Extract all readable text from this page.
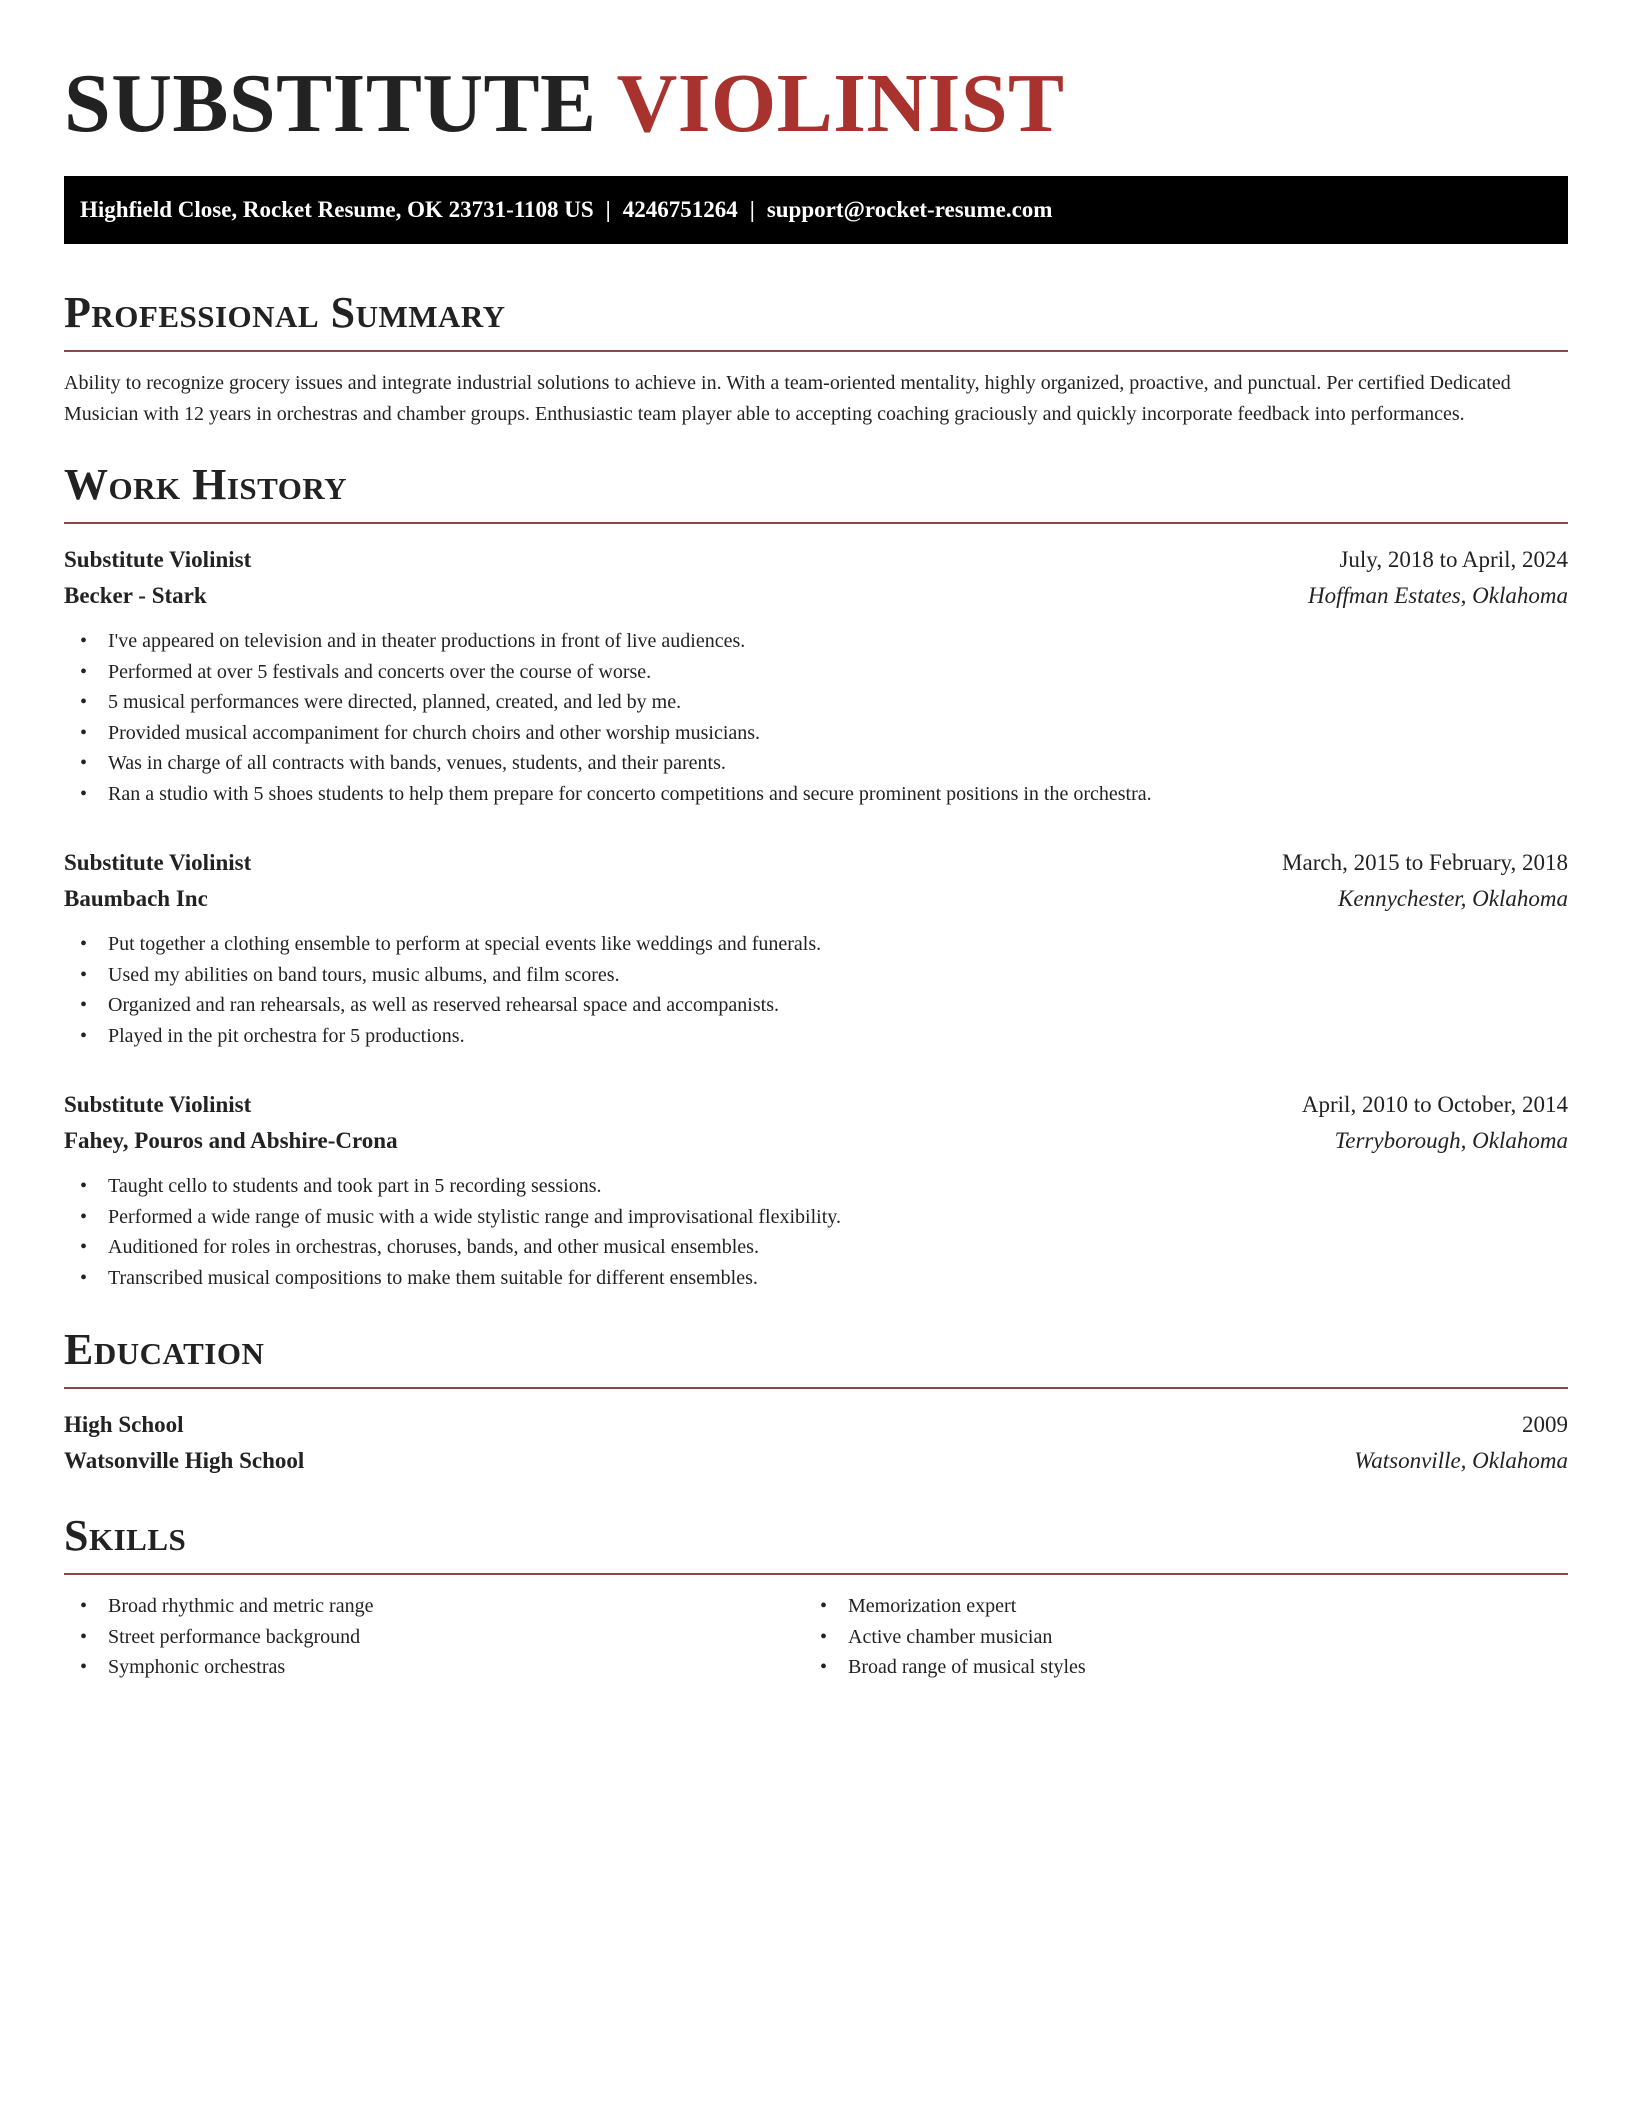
SUBSTITUTE VIOLINIST
Highfield Close, Rocket Resume, OK 23731-1108 US | 4246751264 | support@rocket-resume.com
Professional Summary

Ability to recognize grocery issues and integrate industrial solutions to achieve in. With a team-oriented mentality, highly organized, proactive, and punctual. Per certified Dedicated Musician with 12 years in orchestras and chamber groups. Enthusiastic team player able to accepting coaching graciously and quickly incorporate feedback into performances.

Work History
Substitute Violinist	July, 2018 to April, 2024
Becker - Stark	Hoffman Estates, Oklahoma
• I've appeared on television and in theater productions in front of live audiences.
• Performed at over 5 festivals and concerts over the course of worse.
• 5 musical performances were directed, planned, created, and led by me.
• Provided musical accompaniment for church choirs and other worship musicians.
• Was in charge of all contracts with bands, venues, students, and their parents.
• Ran a studio with 5 shoes students to help them prepare for concerto competitions and secure prominent positions in the orchestra.
Substitute Violinist	March, 2015 to February, 2018
Baumbach Inc	Kennychester, Oklahoma
• Put together a clothing ensemble to perform at special events like weddings and funerals.
• Used my abilities on band tours, music albums, and film scores.
• Organized and ran rehearsals, as well as reserved rehearsal space and accompanists.
• Played in the pit orchestra for 5 productions.
Substitute Violinist	April, 2010 to October, 2014
Fahey, Pouros and Abshire-Crona	Terryborough, Oklahoma
• Taught cello to students and took part in 5 recording sessions.
• Performed a wide range of music with a wide stylistic range and improvisational flexibility.
• Auditioned for roles in orchestras, choruses, bands, and other musical ensembles.
• Transcribed musical compositions to make them suitable for different ensembles.
Education
High School	2009
Watsonville High School	Watsonville, Oklahoma
Skills
• Broad rhythmic and metric range
• Street performance background
• Symphonic orchestras
• Memorization expert
• Active chamber musician
• Broad range of musical styles
